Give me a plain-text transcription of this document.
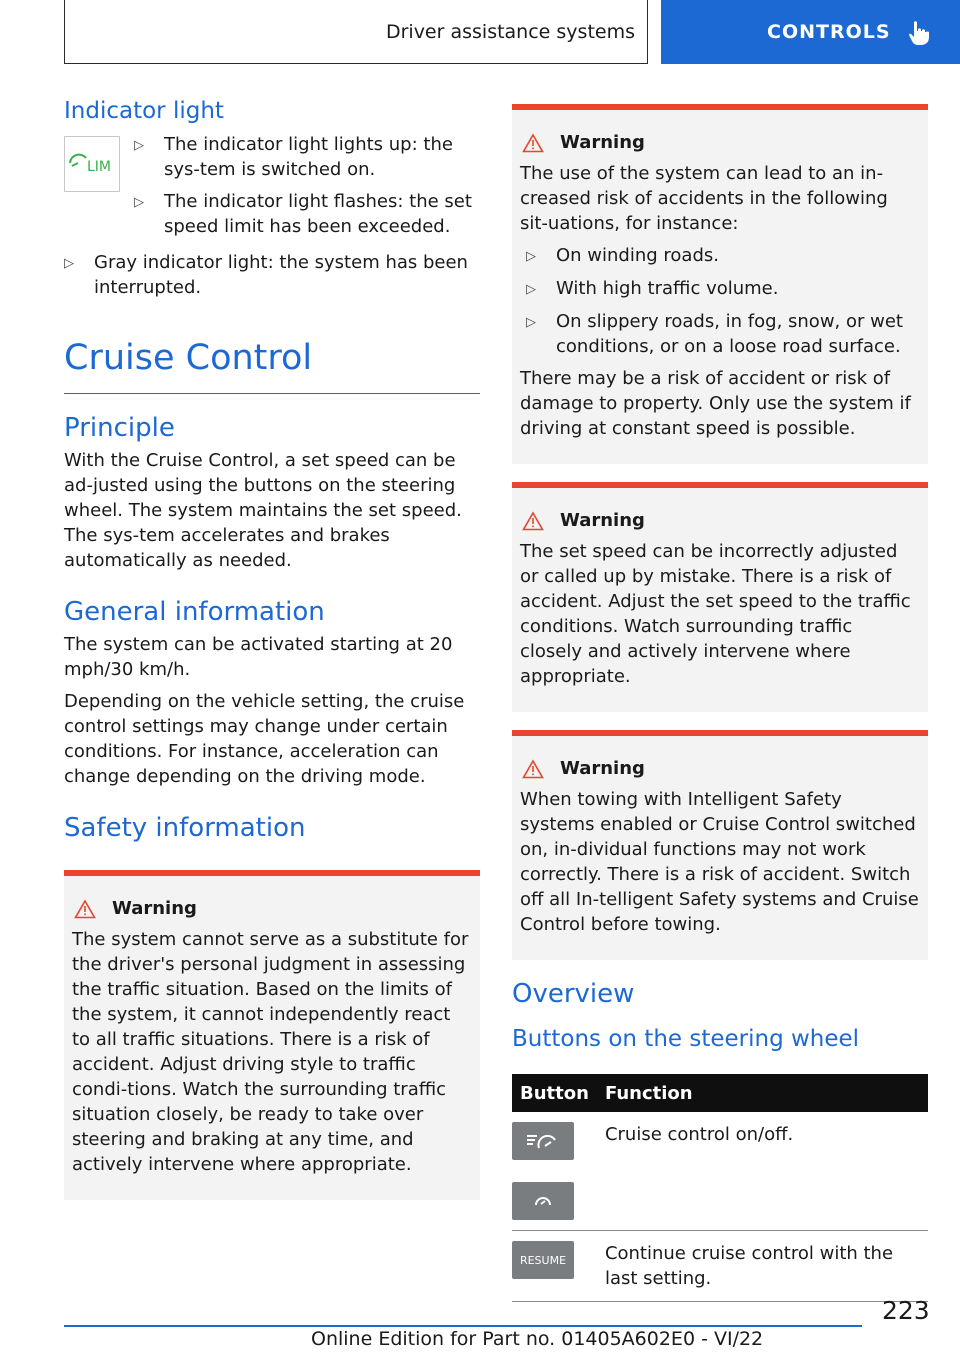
Driver assistance systems	CONTROLS
Indicator light
LIM
▷	The indicator light lights up: the sys-tem is switched on.
▷	The indicator light flashes: the set speed limit has been exceeded.
▷	Gray indicator light: the system has been interrupted.
Cruise Control
Principle

With the Cruise Control, a set speed can be ad-justed using the buttons on the steering wheel. The system maintains the set speed. The sys-tem accelerates and brakes automatically as needed.

General information

The system can be activated starting at 20 mph/30 km/h.

Depending on the vehicle setting, the cruise control settings may change under certain conditions. For instance, acceleration can change depending on the driving mode.

Safety information
Warning

The system cannot serve as a substitute for the driver's personal judgment in assessing the traffic situation. Based on the limits of the system, it cannot independently react to all traffic situations. There is a risk of accident. Adjust driving style to traffic condi-tions. Watch the surrounding traffic situation closely, be ready to take over steering and braking at any time, and actively intervene where appropriate.

Warning

The use of the system can lead to an in-creased risk of accidents in the following sit-uations, for instance:

▷	On winding roads.
▷	With high traffic volume.
▷	On slippery roads, in fog, snow, or wet conditions, or on a loose road surface.

There may be a risk of accident or risk of damage to property. Only use the system if driving at constant speed is possible.

Warning

The set speed can be incorrectly adjusted or called up by mistake. There is a risk of accident. Adjust the set speed to the traffic conditions. Watch surrounding traffic closely and actively intervene where appropriate.

Warning

When towing with Intelligent Safety systems enabled or Cruise Control switched on, in-dividual functions may not work correctly. There is a risk of accident. Switch off all In-telligent Safety systems and Cruise Control before towing.

Overview
Buttons on the steering wheel
Button	Function

	Cruise control on/off.

RESUME	Continue cruise control with the last setting.
223
Online Edition for Part no. 01405A602E0 - VI/22
